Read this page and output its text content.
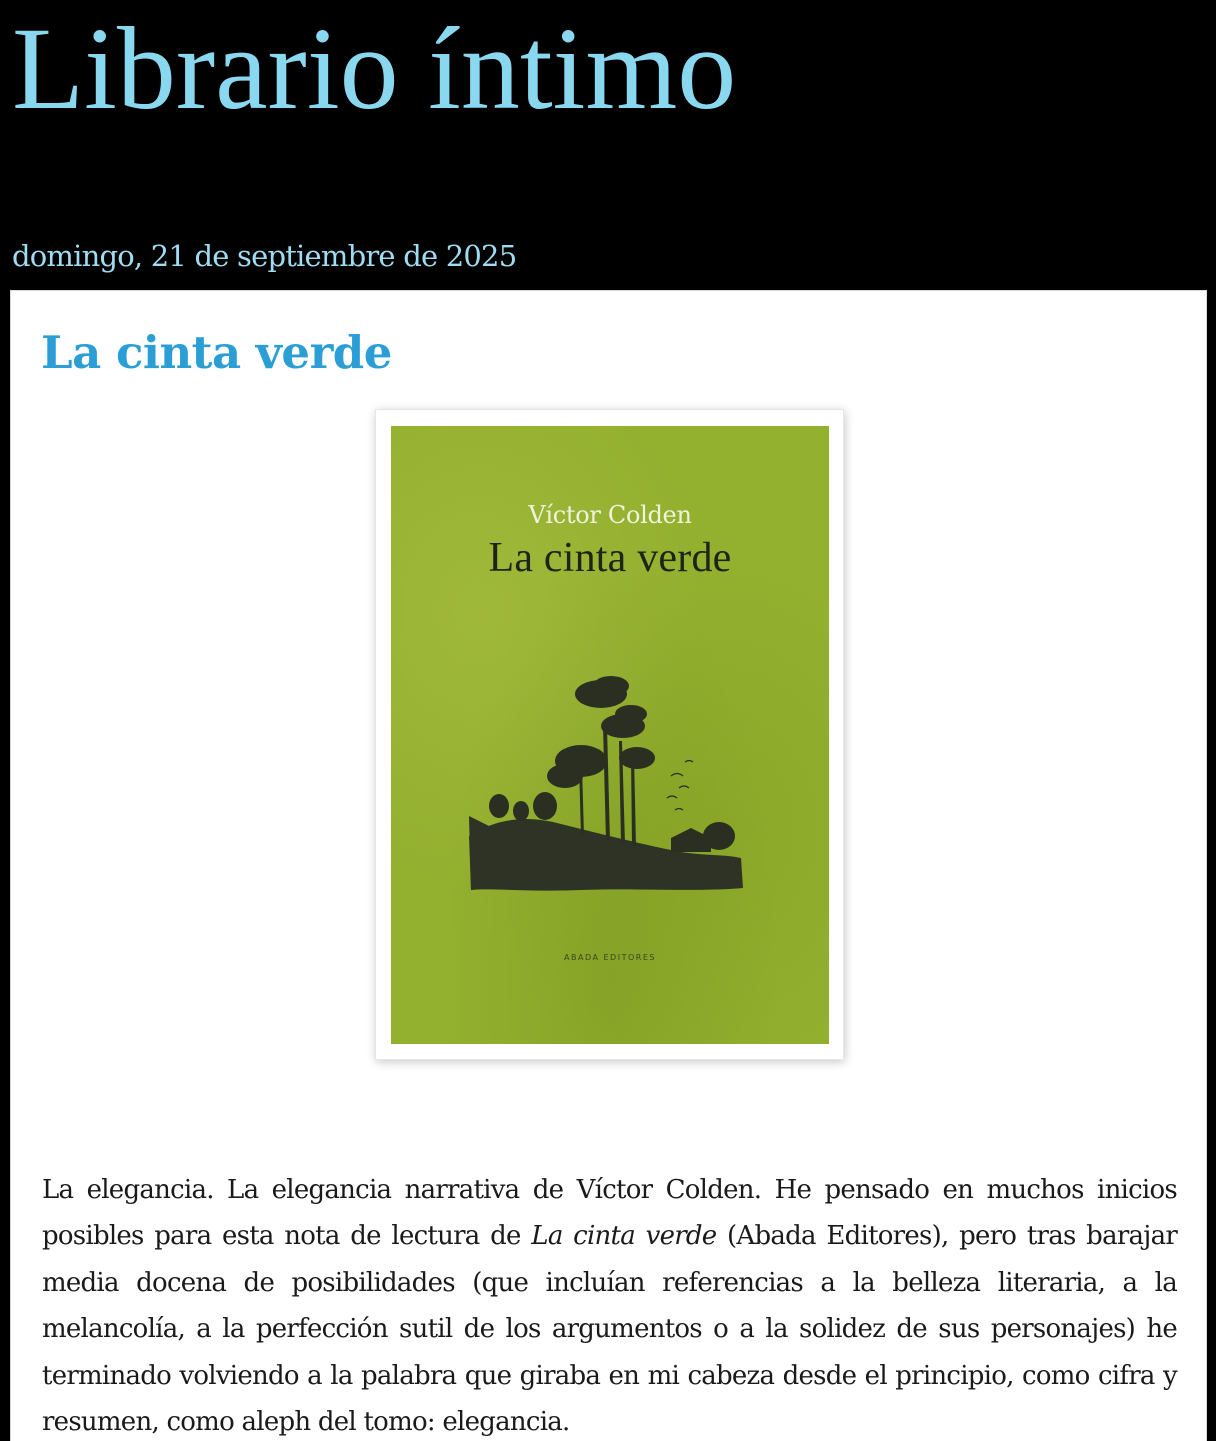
Librario íntimo
domingo, 21 de septiembre de 2025
La cinta verde
Víctor Colden
La cinta verde
ABADA EDITORES

La elegancia. La elegancia narrativa de Víctor Colden. He pensado en muchos inicios posibles para esta nota de lectura de La cinta verde (Abada Editores), pero tras barajar media docena de posibilidades (que incluían referencias a la belleza literaria, a la melancolía, a la perfección sutil de los argumentos o a la solidez de sus personajes) he terminado volviendo a la palabra que giraba en mi cabeza desde el principio, como cifra y resumen, como aleph del tomo: elegancia.
